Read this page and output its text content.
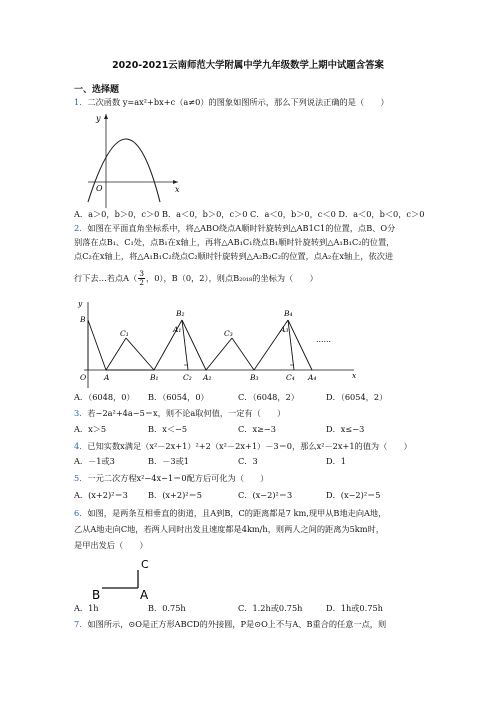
2020-2021云南师范大学附属中学九年级数学上期中试题含答案
一、选择题
1．二次函数 y=ax²+bx+c（a≠0）的图象如图所示，那么下列说法正确的是（　　）
y
x
O
A．a＞0，b＞0，c＞0 B．a＜0，b＞0，c＞0 C．a＜0，b＞0，c＜0 D．a＜0，b＜0，c＞0
2．如图在平面直角坐标系中，将△ABO绕点A顺时针旋转到△AB1C1的位置，点B、O分
别落在点B₁、C₁处，点B₁在x轴上，再将△AB₁C₁绕点B₁顺时针旋转到△A₁B₁C₂的位置，
点C₂在x轴上，将△A₁B₁C₂绕点C₂顺时针旋转到△A₂B₂C₂的位置，点A₂在x轴上，依次进
行下去…若点$A( \frac{3}{2}$ ，0），B（0，2），则点B₂₀₁₈的坐标为（　　）
y
B
C₁
B₂
A₁	C₃
B₄
A₃
O A	B₁	C₂ A₂	B₃	C₄ A₄	x
……
A．（6048，0） B．（6054，0）	C．（6048，2）	D．（6054，2）
3．若−2a²+4a−5＝x，则不论a取何值，一定有（　　）
A．x＞5	B．x＜−5	C．x≥−3	D．x≤−3
4．已知实数x满足（x²－2x+1）²+2（x²－2x+1）－3＝0，那么x²－2x+1的值为（　　）
A．－1或3	B．－3或1	C．3	D．1
5．一元二次方程x²−4x−1＝0配方后可化为（　　）
A．(x+2)²＝3 B．(x+2)²＝5	C．(x−2)²＝3	D．(x−2)²＝5
6．如图，是两条互相垂直的街道，且A到B，C的距离都是7 km,现甲从B地走向A地，
乙从A地走向C地，若两人同时出发且速度都是4km/h，则两人之间的距离为5km时，
是甲出发后（　　）
C
B	A
A．1h	B．0.75h	C．1.2h或0.75h	D．1h或0.75h
7．如图所示，⊙O是正方形ABCD的外接圆，P是⊙O上不与A、B重合的任意一点，则
